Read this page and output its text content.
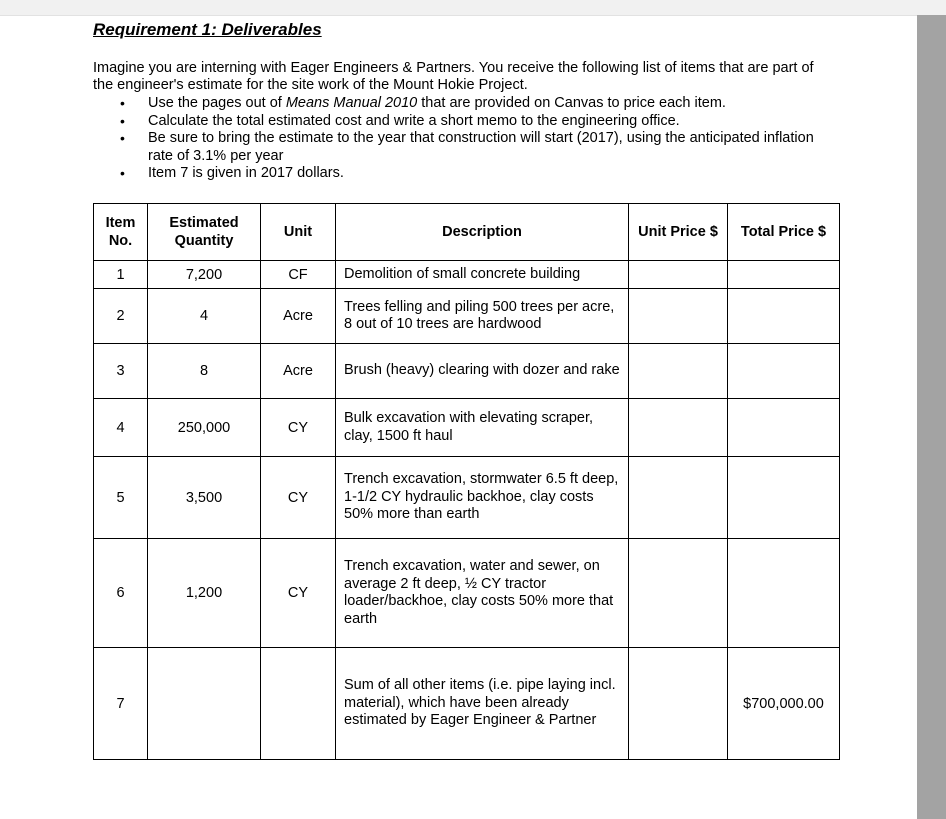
Requirement 1: Deliverables
Imagine you are interning with Eager Engineers & Partners. You receive the following list of items that are part of the engineer's estimate for the site work of the Mount Hokie Project.
• Use the pages out of Means Manual 2010 that are provided on Canvas to price each item.
• Calculate the total estimated cost and write a short memo to the engineering office.
• Be sure to bring the estimate to the year that construction will start (2017), using the anticipated inflation rate of 3.1% per year
• Item 7 is given in 2017 dollars.
Item No.	Estimated Quantity	Unit	Description	Unit Price $	Total Price $
1	7,200	CF	Demolition of small concrete building		
2	4	Acre	Trees felling and piling 500 trees per acre, 8 out of 10 trees are hardwood		
3	8	Acre	Brush (heavy) clearing with dozer and rake		
4	250,000	CY	Bulk excavation with elevating scraper, clay, 1500 ft haul		
5	3,500	CY	Trench excavation, stormwater 6.5 ft deep, 1-1/2 CY hydraulic backhoe, clay costs 50% more than earth		
6	1,200	CY	Trench excavation, water and sewer, on average 2 ft deep, ½ CY tractor loader/backhoe, clay costs 50% more that earth		
7			Sum of all other items (i.e. pipe laying incl. material), which have been already estimated by Eager Engineer & Partner		$700,000.00
